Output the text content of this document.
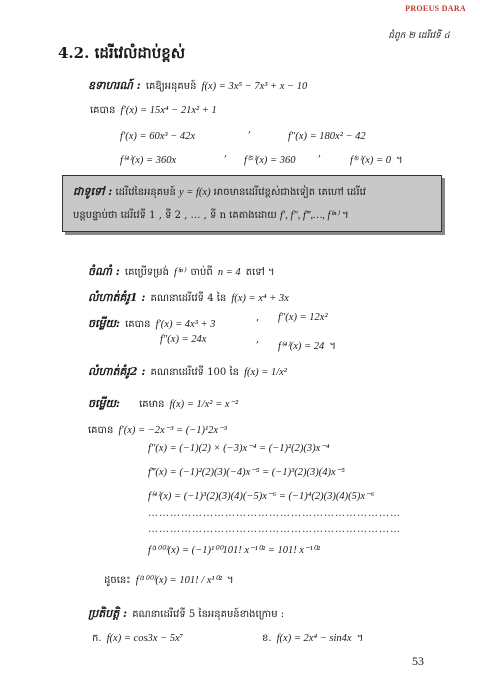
PROEUS DARA
ជំពូក ២ ដេរីវេទី ៤
4.2. ដេរីវេលំដាប់ខ្ពស់
ឧទាហរណ៍ : គេឱ្យអនុគមន៍ f(x) = 3x⁵ − 7x³ + x − 10
គេបាន f′(x) = 15x⁴ − 21x² + 1
f′(x) = 60x³ − 42x
,
f″(x) = 180x² − 42
f⁽⁴⁾(x) = 360x
,
f⁽⁵⁾(x) = 360
,
f⁽⁶⁾(x) = 0 ។
ជាទូទៅ : ដេរីវេនៃអនុគមន៍ y = f(x) អាចមានដេរីវេខ្ពស់ជាងទៀត គេហៅ ដេរីវេ
បន្តបន្ទាប់ថា ដេរីវេទី 1 , ទី 2 , … , ទី n គេតាងដោយ f′, f″, f‴,…, f⁽ⁿ⁾ ។
ចំណាំ : គេប្រើទម្រង់ f⁽ⁿ⁾ ចាប់ពី n = 4 តទៅ ។
លំហាត់គំរូ1 : គណនាដេរីវេទី 4 នៃ f(x) = x⁴ + 3x
ចម្លើយ: គេបាន f′(x) = 4x³ + 3
, f″(x) = 12x²
f″(x) = 24x	,
f⁽⁴⁾(x) = 24 ។
លំហាត់គំរូ2 : គណនាដេរីវេទី 100 នៃ f(x) = 1/x²
ចម្លើយ: គេមាន f(x) = 1/x² = x⁻²
គេបាន f′(x) = −2x⁻³ = (−1)¹2x⁻³
f″(x) = (−1)(2) × (−3)x⁻⁴ = (−1)²(2)(3)x⁻⁴
f‴(x) = (−1)²(2)(3)(−4)x⁻⁵ = (−1)³(2)(3)(4)x⁻⁵
f⁽⁴⁾(x) = (−1)³(2)(3)(4)(−5)x⁻⁶ = (−1)⁴(2)(3)(4)(5)x⁻⁶
……………………………………………………………
……………………………………………………………
f⁽¹⁰⁰⁾(x) = (−1)¹⁰⁰101! x⁻¹⁰² = 101! x⁻¹⁰²
ដូចនេះ f⁽¹⁰⁰⁾(x) = 101! / x¹⁰² ។
ប្រតិបត្តិ : គណនាដេរីវេទី 5 នៃអនុគមន៍ខាងក្រោម :
ក. f(x) = cos3x − 5x⁷	ខ. f(x) = 2x⁴ − sin4x ។
53
